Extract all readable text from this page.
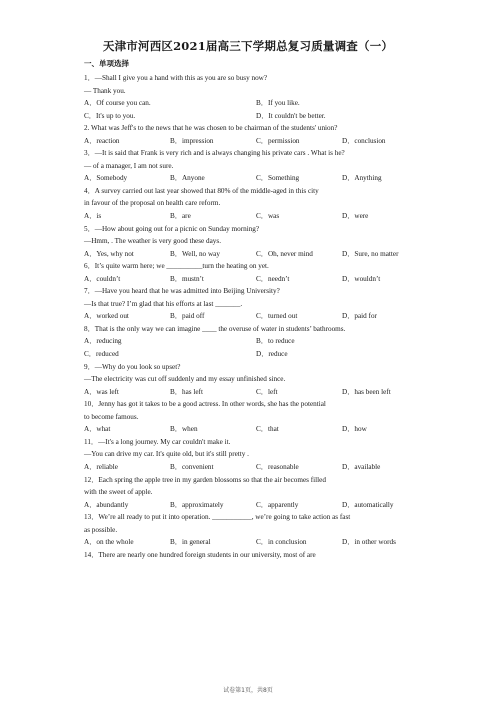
天津市河西区2021届高三下学期总复习质量调查（一）
一、单项选择
1．—Shall I give you a hand with this as you are so busy now?
— Thank you.
A．Of course you can.	B．If you like.
C．It's up to you.	D．It couldn't be better.
2. What was Jeff's to the news that he was chosen to be chairman of the students' union?
A．reaction	B．impression	C．permission	D．conclusion
3．—It is said that Frank is very rich and is always changing his private cars . What is he?
— of a manager, I am not sure.
A．Somebody	B．Anyone	C．Something	D．Anything
4．A survey carried out last year showed that 80% of the middle-aged in this city
in favour of the proposal on health care reform.
A．is	B．are	C．was	D．were
5．—How about going out for a picnic on Sunday morning?
—Hmm, . The weather is very good these days.
A．Yes, why not	B．Well, no way	C．Oh, never mind	D．Sure, no matter
6．It’s quite warm here; we __________turn the heating on yet.
A．couldn’t	B．mustn’t	C．needn’t	D．wouldn’t
7．—Have you heard that he was admitted into Beijing University?
—Is that true? I’m glad that his efforts at last _______.
A．worked out	B．paid off	C．turned out	D．paid for
8．That is the only way we can imagine ____ the overuse of water in students’ bathrooms.
A．reducing	B．to reduce
C．reduced	D．reduce
9．—Why do you look so upset?
—The electricity was cut off suddenly and my essay unfinished since.
A．was left	B．has left	C．left	D．has been left
10．Jenny has got it takes to be a good actress. In other words, she has the potential
to become famous.
A．what	B．when	C．that	D．how
11．—It's a long journey. My car couldn't make it.
—You can drive my car. It's quite old, but it's still pretty .
A．reliable	B．convenient	C．reasonable	D．available
12．Each spring the apple tree in my garden blossoms so that the air becomes filled
with the sweet of apple.
A．abundantly	B．approximately	C．apparently	D．automatically
13．We’re all ready to put it into operation. ___________, we’re going to take action as fast
as possible.
A．on the whole	B．in general	C．in conclusion	D．in other words
14．There are nearly one hundred foreign students in our university, most of are
试卷第1页，共8页
